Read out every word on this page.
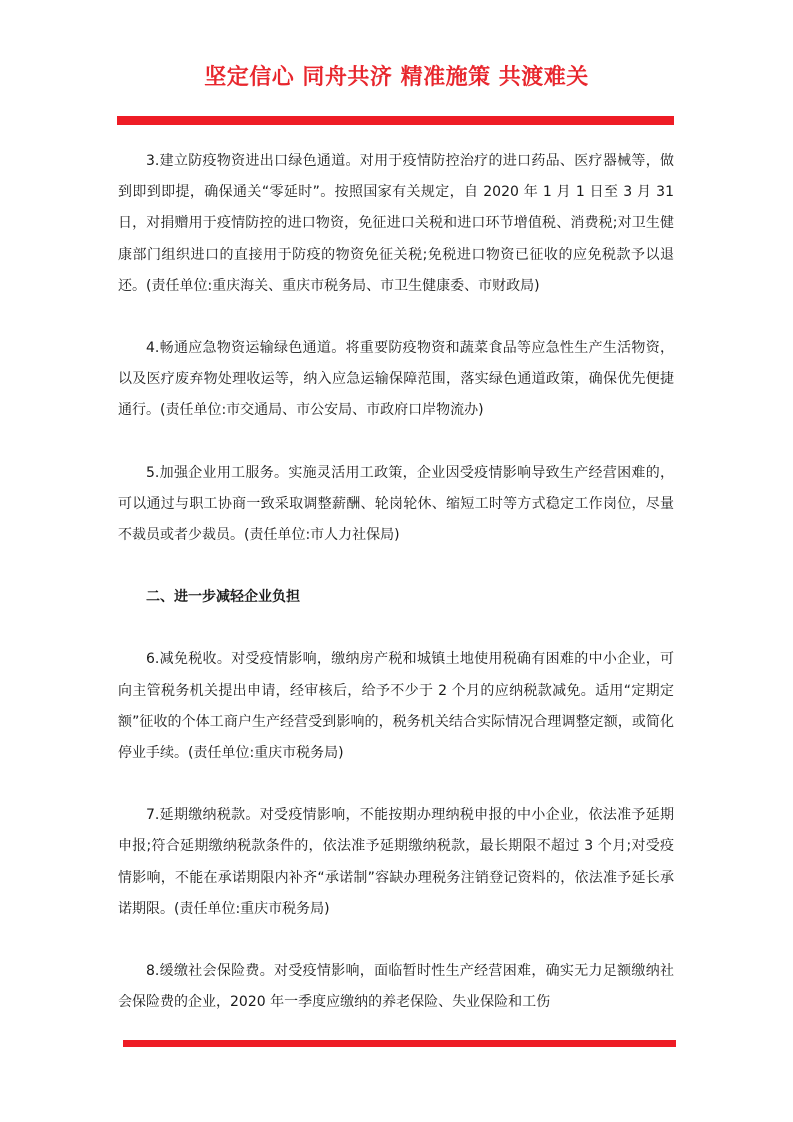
坚定信心 同舟共济 精准施策 共渡难关

3.建立防疫物资进出口绿色通道。对用于疫情防控治疗的进口药品、医疗器械等，做到即到即提，确保通关“零延时”。按照国家有关规定，自 2020 年 1 月 1 日至 3 月 31 日，对捐赠用于疫情防控的进口物资，免征进口关税和进口环节增值税、消费税;对卫生健康部门组织进口的直接用于防疫的物资免征关税;免税进口物资已征收的应免税款予以退还。(责任单位:重庆海关、重庆市税务局、市卫生健康委、市财政局)

4.畅通应急物资运输绿色通道。将重要防疫物资和蔬菜食品等应急性生产生活物资，以及医疗废弃物处理收运等，纳入应急运输保障范围，落实绿色通道政策，确保优先便捷通行。(责任单位:市交通局、市公安局、市政府口岸物流办)

5.加强企业用工服务。实施灵活用工政策，企业因受疫情影响导致生产经营困难的，可以通过与职工协商一致采取调整薪酬、轮岗轮休、缩短工时等方式稳定工作岗位，尽量不裁员或者少裁员。(责任单位:市人力社保局)

二、进一步减轻企业负担

6.减免税收。对受疫情影响，缴纳房产税和城镇土地使用税确有困难的中小企业，可向主管税务机关提出申请，经审核后，给予不少于 2 个月的应纳税款减免。适用“定期定额”征收的个体工商户生产经营受到影响的，税务机关结合实际情况合理调整定额，或简化停业手续。(责任单位:重庆市税务局)

7.延期缴纳税款。对受疫情影响，不能按期办理纳税申报的中小企业，依法准予延期申报;符合延期缴纳税款条件的，依法准予延期缴纳税款，最长期限不超过 3 个月;对受疫情影响，不能在承诺期限内补齐“承诺制”容缺办理税务注销登记资料的，依法准予延长承诺期限。(责任单位:重庆市税务局)

8.缓缴社会保险费。对受疫情影响，面临暂时性生产经营困难，确实无力足额缴纳社会保险费的企业，2020 年一季度应缴纳的养老保险、失业保险和工伤
